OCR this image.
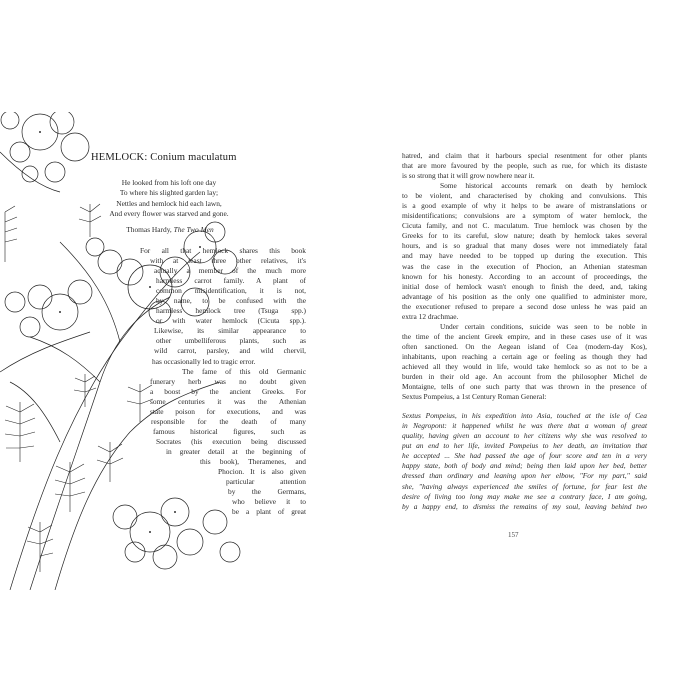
HEMLOCK: Conium maculatum
He looked from his loft one day
To where his slighted garden lay;
Nettles and hemlock hid each lawn,
And every flower was starved and gone.
Thomas Hardy, The Two Men
For all that hemlock shares this book
with at least three other relatives, it's
actually a member of the much more
harmless carrot family. A plant of
common misidentification, it is not,
by name, to be confused with the
harmless hemlock tree (Tsuga spp.)
or with water hemlock (Cicuta spp.).
Likewise, its similar appearance to
other umbelliferous plants, such as
wild carrot, parsley, and wild chervil,
has occasionally led to tragic error.
The fame of this old Germanic
funerary herb was no doubt given
a boost by the ancient Greeks. For
some centuries it was the Athenian
state poison for executions, and was
responsible for the death of many
famous historical figures, such as
Socrates (his execution being discussed
in greater detail at the beginning of
this book), Theramenes, and
Phocion. It is also given
particular attention
by the Germans,
who believe it to
be a plant of great
hatred, and claim that it harbours special resentment for other plants
that are more favoured by the people, such as rue, for which its distaste
is so strong that it will grow nowhere near it.
Some historical accounts remark on death by hemlock
to be violent, and characterised by choking and convulsions. This
is a good example of why it helps to be aware of mistranslations or
misidentifications; convulsions are a symptom of water hemlock, the
Cicuta family, and not C. maculatum. True hemlock was chosen by the
Greeks for to its careful, slow nature; death by hemlock takes several
hours, and is so gradual that many doses were not immediately fatal
and may have needed to be topped up during the execution. This
was the case in the execution of Phocion, an Athenian statesman
known for his honesty. According to an account of proceedings, the
initial dose of hemlock wasn't enough to finish the deed, and, taking
advantage of his position as the only one qualified to administer more,
the executioner refused to prepare a second dose unless he was paid an
extra 12 drachmae.
Under certain conditions, suicide was seen to be noble in
the time of the ancient Greek empire, and in these cases use of it was
often sanctioned. On the Aegean island of Cea (modern-day Kos),
inhabitants, upon reaching a certain age or feeling as though they had
achieved all they would in life, would take hemlock so as not to be a
burden in their old age. An account from the philosopher Michel de
Montaigne, tells of one such party that was thrown in the presence of
Sextus Pompeius, a 1st Century Roman General:
Sextus Pompeius, in his expedition into Asia, touched at the isle of Cea
in Negropont: it happened whilst he was there that a woman of great
quality, having given an account to her citizens why she was resolved to
put an end to her life, invited Pompeius to her death, an invitation that
he accepted ... She had passed the age of four score and ten in a very
happy state, both of body and mind; being then laid upon her bed, better
dressed than ordinary and leaning upon her elbow, "For my part," said
she, "having always experienced the smiles of fortune, for fear lest the
desire of living too long may make me see a contrary face, I am going,
by a happy end, to dismiss the remains of my soul, leaving behind two
157
